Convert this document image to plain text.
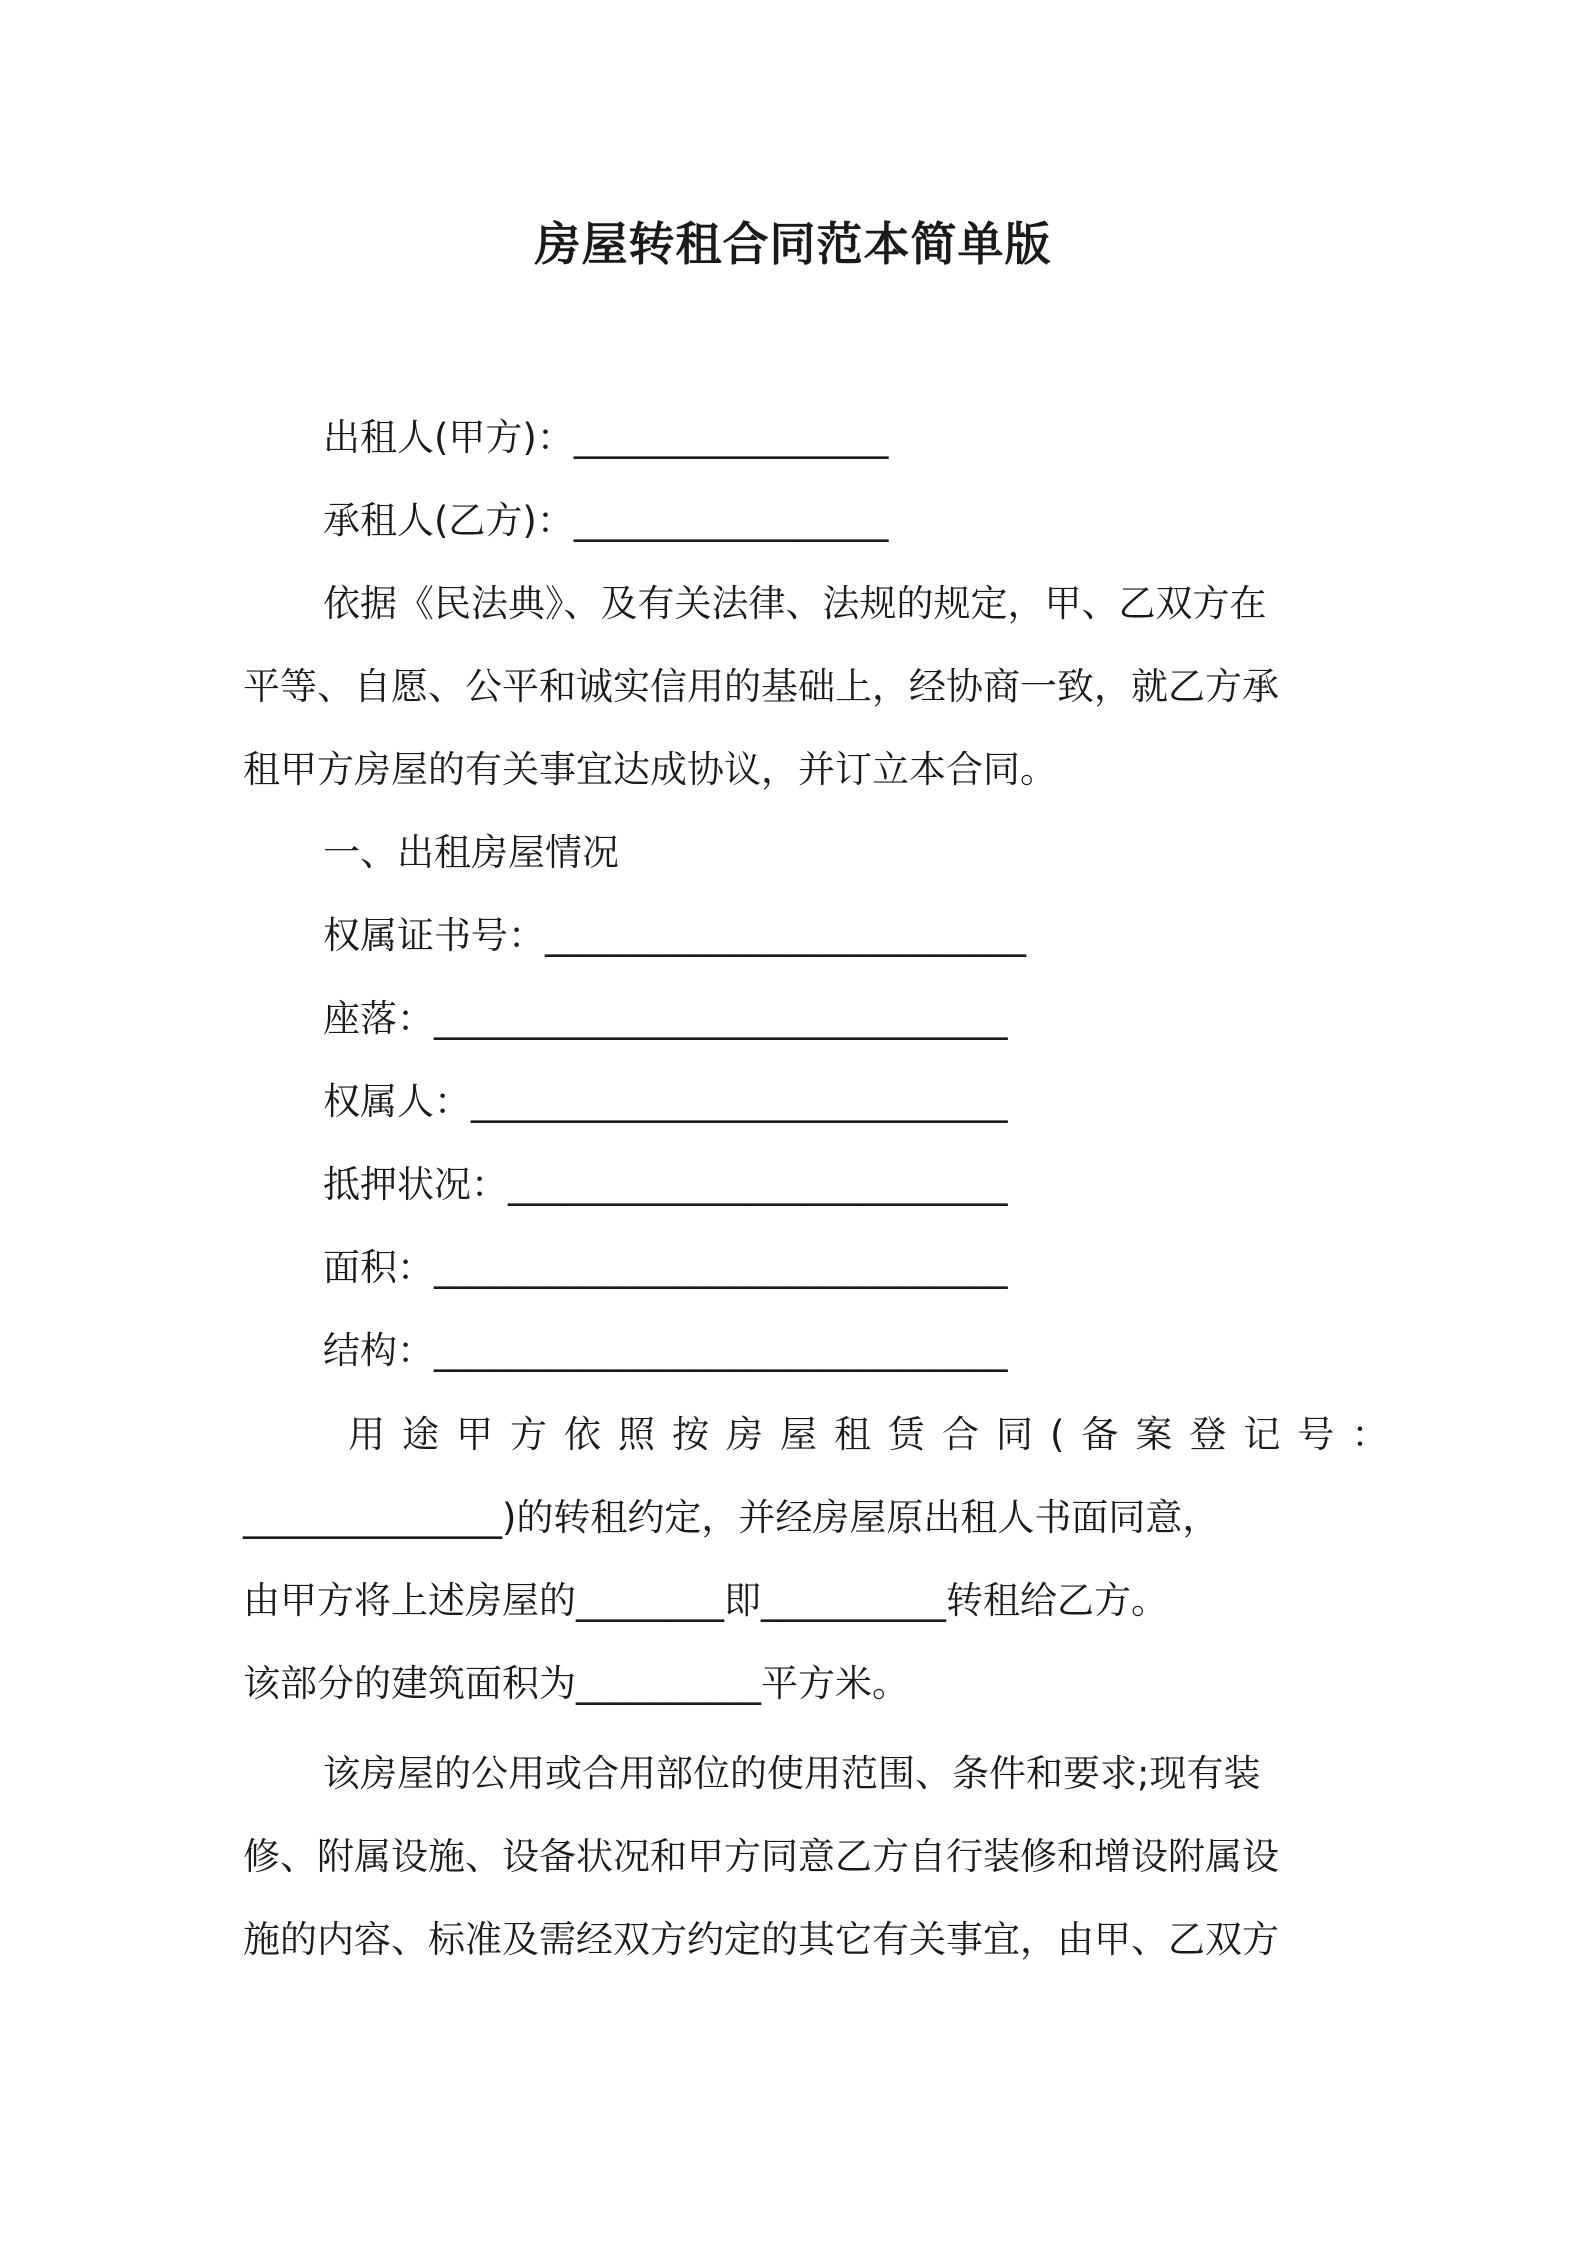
房屋转租合同范本简单版
出租人(甲方)：_________________
承租人(乙方)：_________________
依据《民法典》、及有关法律、法规的规定，甲、乙双方在
平等、自愿、公平和诚实信用的基础上，经协商一致，就乙方承
租甲方房屋的有关事宜达成协议，并订立本合同。
一、出租房屋情况
权属证书号：__________________________
座落：_______________________________
权属人：_____________________________
抵押状况：___________________________
面积：_______________________________
结构：_______________________________
用途甲方依照按房屋租赁合同(备案登记号：
______________)的转租约定，并经房屋原出租人书面同意，
由甲方将上述房屋的________即__________转租给乙方。
该部分的建筑面积为__________平方米。
该房屋的公用或合用部位的使用范围、条件和要求;现有装
修、附属设施、设备状况和甲方同意乙方自行装修和增设附属设
施的内容、标准及需经双方约定的其它有关事宜，由甲、乙双方
